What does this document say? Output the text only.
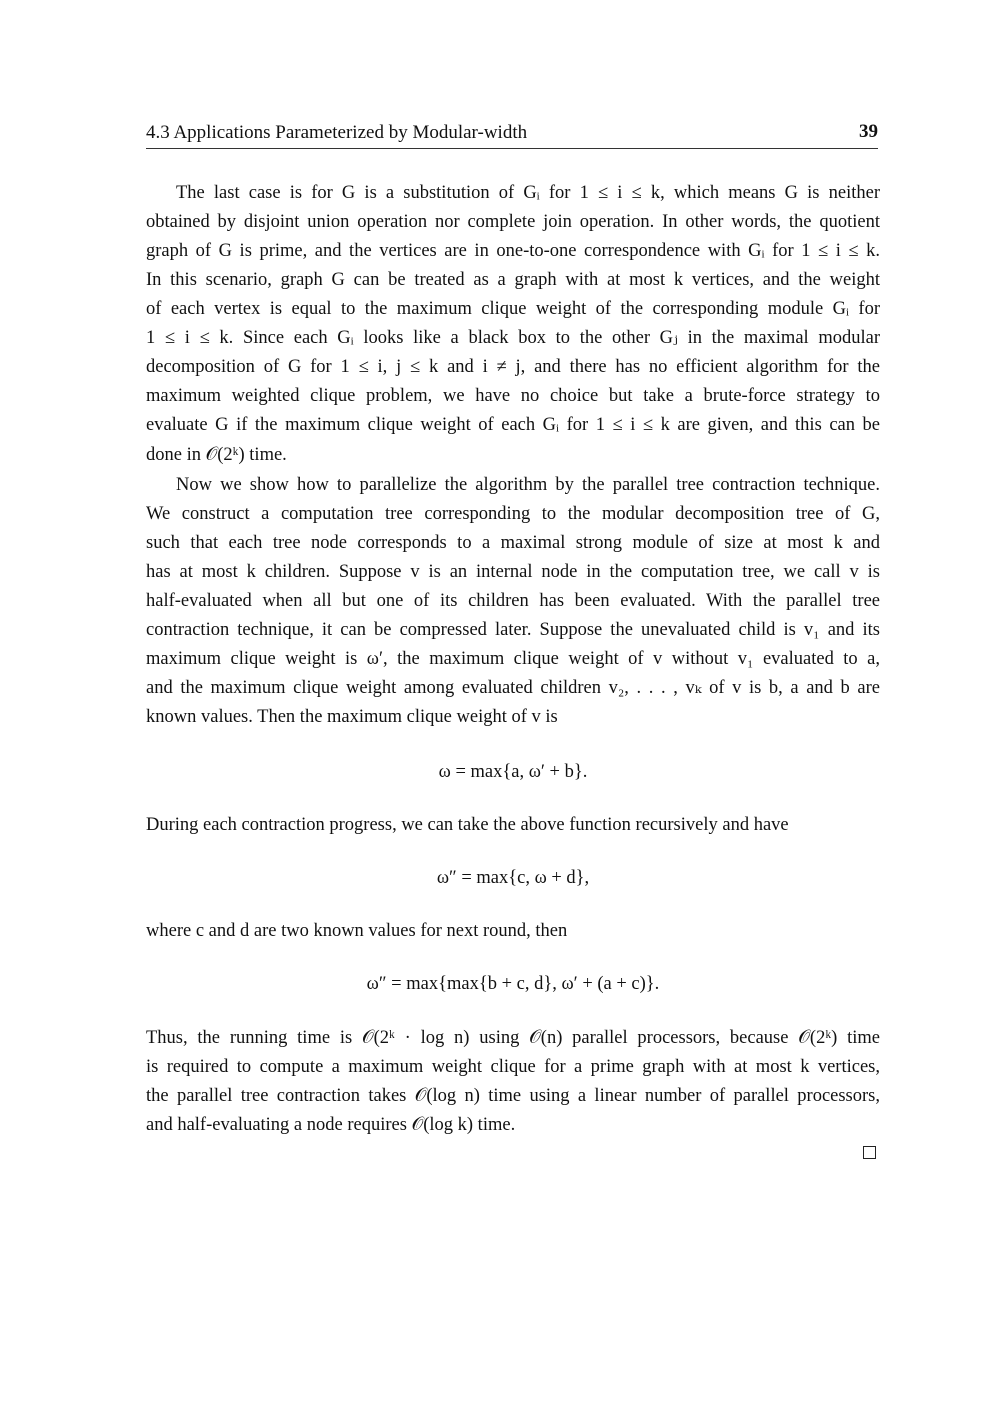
4.3 Applications Parameterized by Modular-width	39
The last case is for G is a substitution of Gᵢ for 1 ≤ i ≤ k, which means G is neither
obtained by disjoint union operation nor complete join operation. In other words, the quotient
graph of G is prime, and the vertices are in one-to-one correspondence with Gᵢ for 1 ≤ i ≤ k.
In this scenario, graph G can be treated as a graph with at most k vertices, and the weight
of each vertex is equal to the maximum clique weight of the corresponding module Gᵢ for
1 ≤ i ≤ k. Since each Gᵢ looks like a black box to the other Gⱼ in the maximal modular
decomposition of G for 1 ≤ i, j ≤ k and i ≠ j, and there has no efficient algorithm for the
maximum weighted clique problem, we have no choice but take a brute-force strategy to
evaluate G if the maximum clique weight of each Gᵢ for 1 ≤ i ≤ k are given, and this can be
done in 𝒪(2ᵏ) time.
Now we show how to parallelize the algorithm by the parallel tree contraction technique.
We construct a computation tree corresponding to the modular decomposition tree of G,
such that each tree node corresponds to a maximal strong module of size at most k and
has at most k children. Suppose v is an internal node in the computation tree, we call v is
half-evaluated when all but one of its children has been evaluated. With the parallel tree
contraction technique, it can be compressed later. Suppose the unevaluated child is v₁ and its
maximum clique weight is ω′, the maximum clique weight of v without v₁ evaluated to a,
and the maximum clique weight among evaluated children v₂, . . . , vₖ of v is b, a and b are
known values. Then the maximum clique weight of v is
ω = max{a, ω′ + b}.
During each contraction progress, we can take the above function recursively and have
ω″ = max{c, ω + d},
where c and d are two known values for next round, then
ω″ = max{max{b + c, d}, ω′ + (a + c)}.
Thus, the running time is 𝒪(2ᵏ · log n) using 𝒪(n) parallel processors, because 𝒪(2ᵏ) time
is required to compute a maximum weight clique for a prime graph with at most k vertices,
the parallel tree contraction takes 𝒪(log n) time using a linear number of parallel processors,
and half-evaluating a node requires 𝒪(log k) time.
